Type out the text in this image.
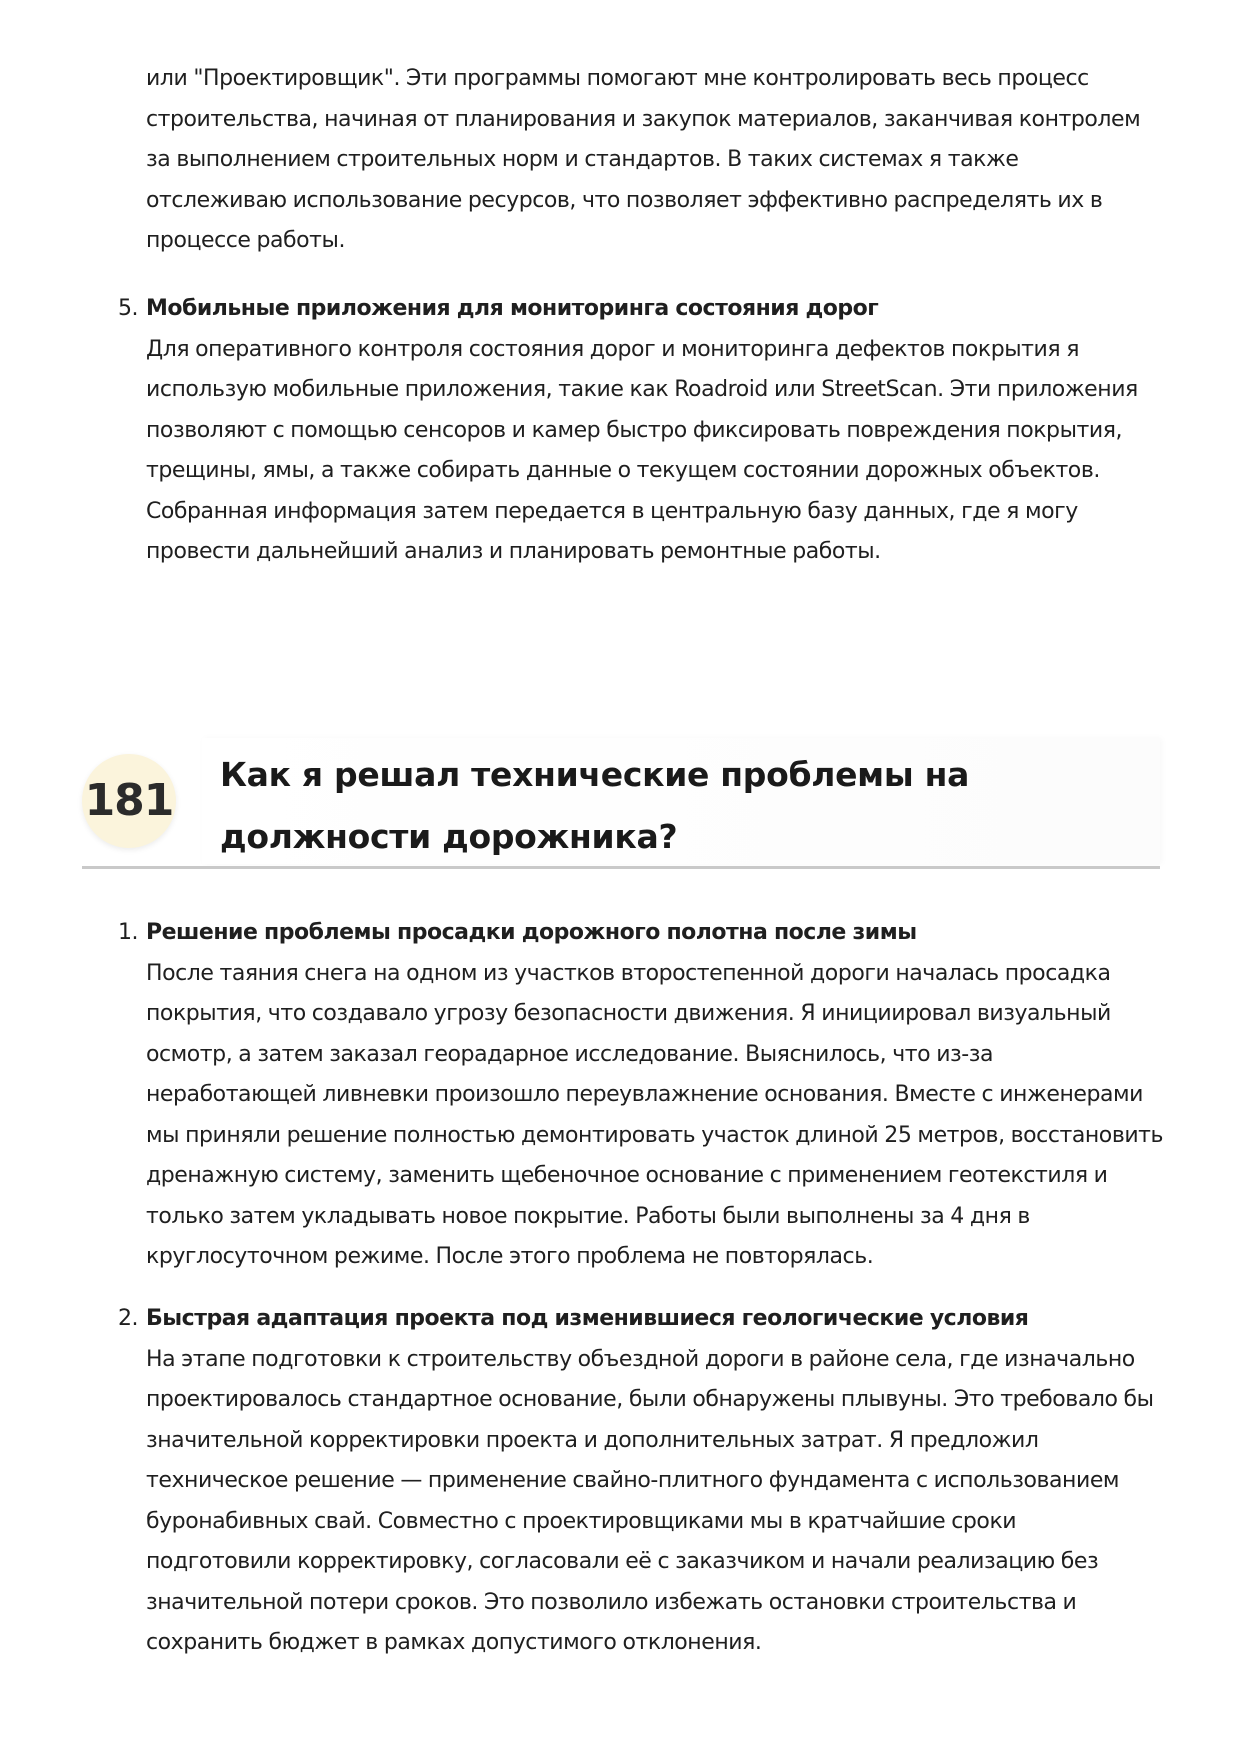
или "Проектировщик". Эти программы помогают мне контролировать весь процесс строительства, начиная от планирования и закупок материалов, заканчивая контролем за выполнением строительных норм и стандартов. В таких системах я также отслеживаю использование ресурсов, что позволяет эффективно распределять их в процессе работы.

5. Мобильные приложения для мониторинга состояния дорог
Для оперативного контроля состояния дорог и мониторинга дефектов покрытия я использую мобильные приложения, такие как Roadroid или StreetScan. Эти приложения позволяют с помощью сенсоров и камер быстро фиксировать повреждения покрытия, трещины, ямы, а также собирать данные о текущем состоянии дорожных объектов. Собранная информация затем передается в центральную базу данных, где я могу провести дальнейший анализ и планировать ремонтные работы.
181
Как я решал технические проблемы на должности дорожника?
1. Решение проблемы просадки дорожного полотна после зимы
После таяния снега на одном из участков второстепенной дороги началась просадка покрытия, что создавало угрозу безопасности движения. Я инициировал визуальный осмотр, а затем заказал георадарное исследование. Выяснилось, что из-за неработающей ливневки произошло переувлажнение основания. Вместе с инженерами мы приняли решение полностью демонтировать участок длиной 25 метров, восстановить дренажную систему, заменить щебеночное основание с применением геотекстиля и только затем укладывать новое покрытие. Работы были выполнены за 4 дня в круглосуточном режиме. После этого проблема не повторялась.
2. Быстрая адаптация проекта под изменившиеся геологические условия
На этапе подготовки к строительству объездной дороги в районе села, где изначально проектировалось стандартное основание, были обнаружены плывуны. Это требовало бы значительной корректировки проекта и дополнительных затрат. Я предложил техническое решение — применение свайно-плитного фундамента с использованием буронабивных свай. Совместно с проектировщиками мы в кратчайшие сроки подготовили корректировку, согласовали её с заказчиком и начали реализацию без значительной потери сроков. Это позволило избежать остановки строительства и сохранить бюджет в рамках допустимого отклонения.
